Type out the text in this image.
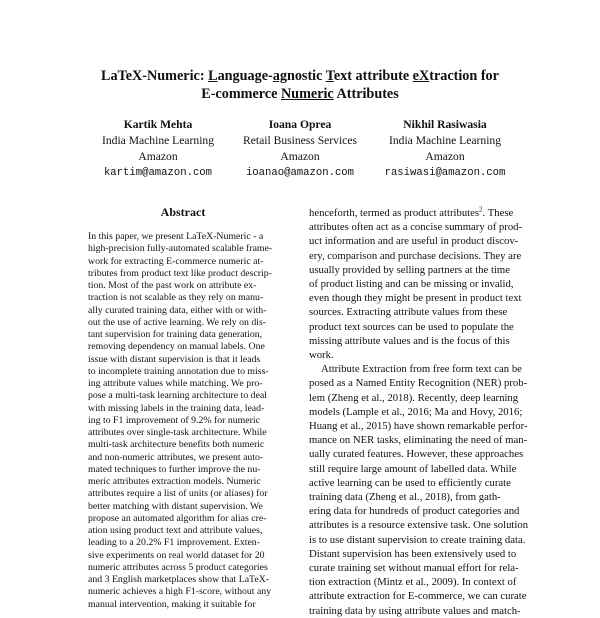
LaTeX-Numeric: Language-agnostic Text attribute eXtraction for
E-commerce Numeric Attributes
Kartik Mehta
India Machine Learning
Amazon
kartim@amazon.com
Ioana Oprea
Retail Business Services
Amazon
ioanao@amazon.com
Nikhil Rasiwasia
India Machine Learning
Amazon
rasiwasi@amazon.com
Abstract
In this paper, we present LaTeX-Numeric - a
high-precision fully-automated scalable frame-
work for extracting E-commerce numeric at-
tributes from product text like product descrip-
tion. Most of the past work on attribute ex-
traction is not scalable as they rely on manu-
ally curated training data, either with or with-
out the use of active learning. We rely on dis-
tant supervision for training data generation,
removing dependency on manual labels. One
issue with distant supervision is that it leads
to incomplete training annotation due to miss-
ing attribute values while matching. We pro-
pose a multi-task learning architecture to deal
with missing labels in the training data, lead-
ing to F1 improvement of 9.2% for numeric
attributes over single-task architecture. While
multi-task architecture benefits both numeric
and non-numeric attributes, we present auto-
mated techniques to further improve the nu-
meric attributes extraction models. Numeric
attributes require a list of units (or aliases) for
better matching with distant supervision. We
propose an automated algorithm for alias cre-
ation using product text and attribute values,
leading to a 20.2% F1 improvement. Exten-
sive experiments on real world dataset for 20
numeric attributes across 5 product categories
and 3 English marketplaces show that LaTeX-
numeric achieves a high F1-score, without any
manual intervention, making it suitable for
henceforth, termed as product attributes$^2$. These
attributes often act as a concise summary of prod-
uct information and are useful in product discov-
ery, comparison and purchase decisions. They are
usually provided by selling partners at the time
of product listing and can be missing or invalid,
even though they might be present in product text
sources. Extracting attribute values from these
product text sources can be used to populate the
missing attribute values and is the focus of this
work.
Attribute Extraction from free form text can be
posed as a Named Entity Recognition (NER) prob-
lem (Zheng et al., 2018). Recently, deep learning
models (Lample et al., 2016; Ma and Hovy, 2016;
Huang et al., 2015) have shown remarkable perfor-
mance on NER tasks, eliminating the need of man-
ually curated features. However, these approaches
still require large amount of labelled data. While
active learning can be used to efficiently curate
training data (Zheng et al., 2018), from gath-
ering data for hundreds of product categories and
attributes is a resource extensive task. One solution
is to use distant supervision to create training data.
Distant supervision has been extensively used to
curate training set without manual effort for rela-
tion extraction (Mintz et al., 2009). In context of
attribute extraction for E-commerce, we can curate
training data by using attribute values and match-
